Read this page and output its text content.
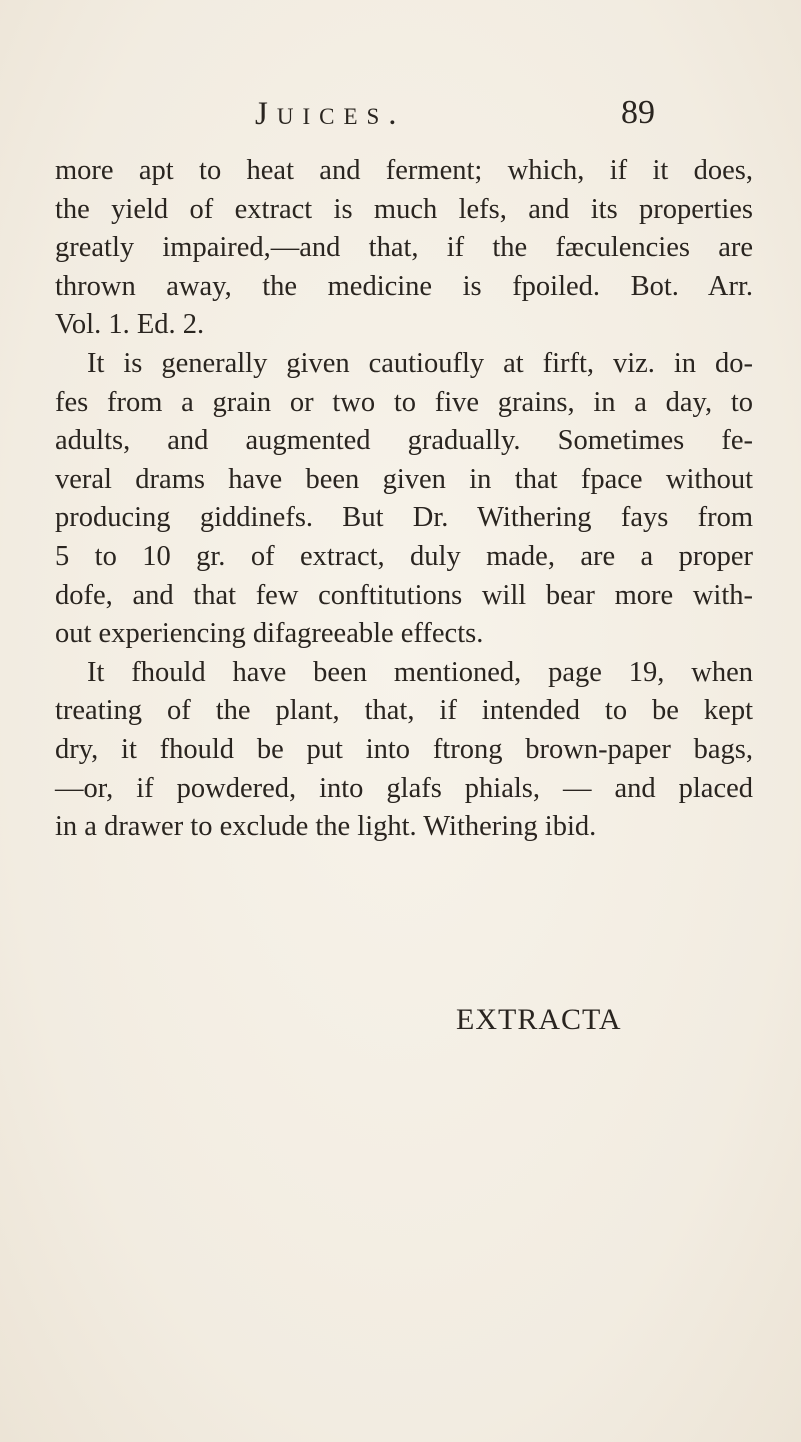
Juices.	89
more apt to heat and ferment; which, if it does,
the yield of extract is much lefs, and its properties
greatly impaired,—and that, if the fæculencies are
thrown away, the medicine is fpoiled. Bot. Arr.
Vol. 1. Ed. 2.
It is generally given cautioufly at firft, viz. in do-
fes from a grain or two to five grains, in a day, to
adults, and augmented gradually. Sometimes fe-
veral drams have been given in that fpace without
producing giddinefs. But Dr. Withering fays from
5 to 10 gr. of extract, duly made, are a proper
dofe, and that few conftitutions will bear more with-
out experiencing difagreeable effects.
It fhould have been mentioned, page 19, when
treating of the plant, that, if intended to be kept
dry, it fhould be put into ftrong brown-paper bags,
—or, if powdered, into glafs phials, — and placed
in a drawer to exclude the light. Withering ibid.
EXTRACTA
